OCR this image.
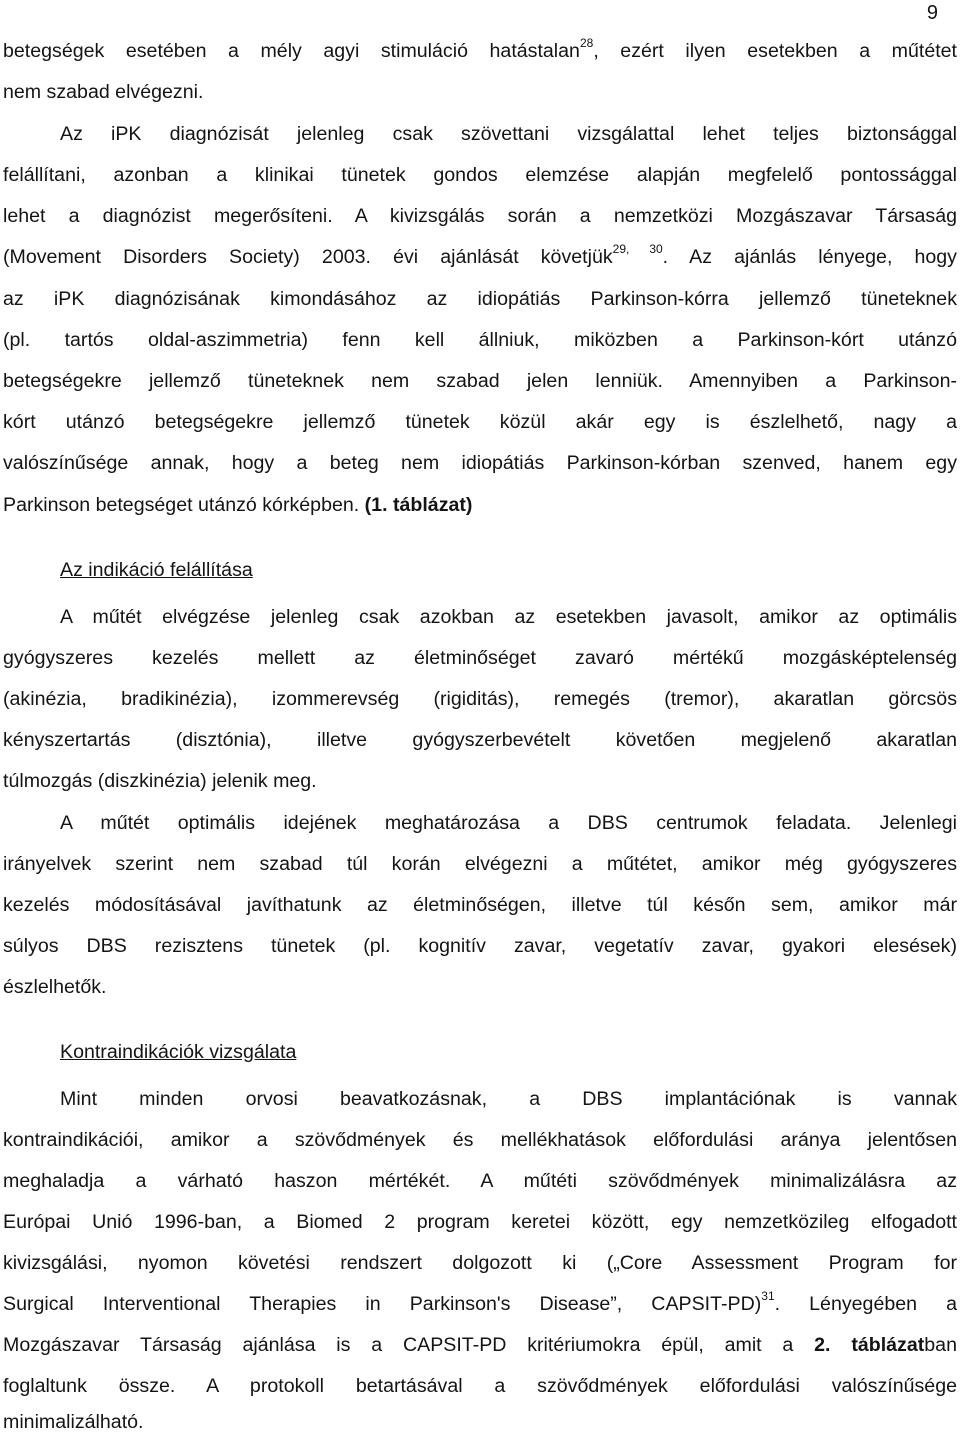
9
betegségek esetében a mély agyi stimuláció hatástalan$^{28}$, ezért ilyen esetekben a műtétet
nem szabad elvégezni.
Az iPK diagnózisát jelenleg csak szövettani vizsgálattal lehet teljes biztonsággal
felállítani, azonban a klinikai tünetek gondos elemzése alapján megfelelő pontossággal
lehet a diagnózist megerősíteni. A kivizsgálás során a nemzetközi Mozgászavar Társaság
(Movement Disorders Society) 2003. évi ajánlását követjük$^{29, 30}$. Az ajánlás lényege, hogy
az iPK diagnózisának kimondásához az idiopátiás Parkinson-kórra jellemző tüneteknek
(pl. tartós oldal-aszimmetria) fenn kell állniuk, miközben a Parkinson-kórt utánzó
betegségekre jellemző tüneteknek nem szabad jelen lenniük. Amennyiben a Parkinson-
kórt utánzó betegségekre jellemző tünetek közül akár egy is észlelhető, nagy a
valószínűsége annak, hogy a beteg nem idiopátiás Parkinson-kórban szenved, hanem egy
Parkinson betegséget utánzó kórképben. (1. táblázat)
Az indikáció felállítása
A műtét elvégzése jelenleg csak azokban az esetekben javasolt, amikor az optimális
gyógyszeres kezelés mellett az életminőséget zavaró mértékű mozgásképtelenség
(akinézia, bradikinézia), izommerevség (rigiditás), remegés (tremor), akaratlan görcsös
kényszertartás (disztónia), illetve gyógyszerbevételt követően megjelenő akaratlan
túlmozgás (diszkinézia) jelenik meg.
A műtét optimális idejének meghatározása a DBS centrumok feladata. Jelenlegi
irányelvek szerint nem szabad túl korán elvégezni a műtétet, amikor még gyógyszeres
kezelés módosításával javíthatunk az életminőségen, illetve túl későn sem, amikor már
súlyos DBS rezisztens tünetek (pl. kognitív zavar, vegetatív zavar, gyakori elesések)
észlelhetők.
Kontraindikációk vizsgálata
Mint minden orvosi beavatkozásnak, a DBS implantációnak is vannak
kontraindikációi, amikor a szövődmények és mellékhatások előfordulási aránya jelentősen
meghaladja a várható haszon mértékét. A műtéti szövődmények minimalizálásra az
Európai Unió 1996-ban, a Biomed 2 program keretei között, egy nemzetközileg elfogadott
kivizsgálási, nyomon követési rendszert dolgozott ki („Core Assessment Program for
Surgical Interventional Therapies in Parkinson's Disease”, CAPSIT-PD)$^{31}$. Lényegében a
Mozgászavar Társaság ajánlása is a CAPSIT-PD kritériumokra épül, amit a 2. táblázatban
foglaltunk össze. A protokoll betartásával a szövődmények előfordulási valószínűsége
minimalizálható.
